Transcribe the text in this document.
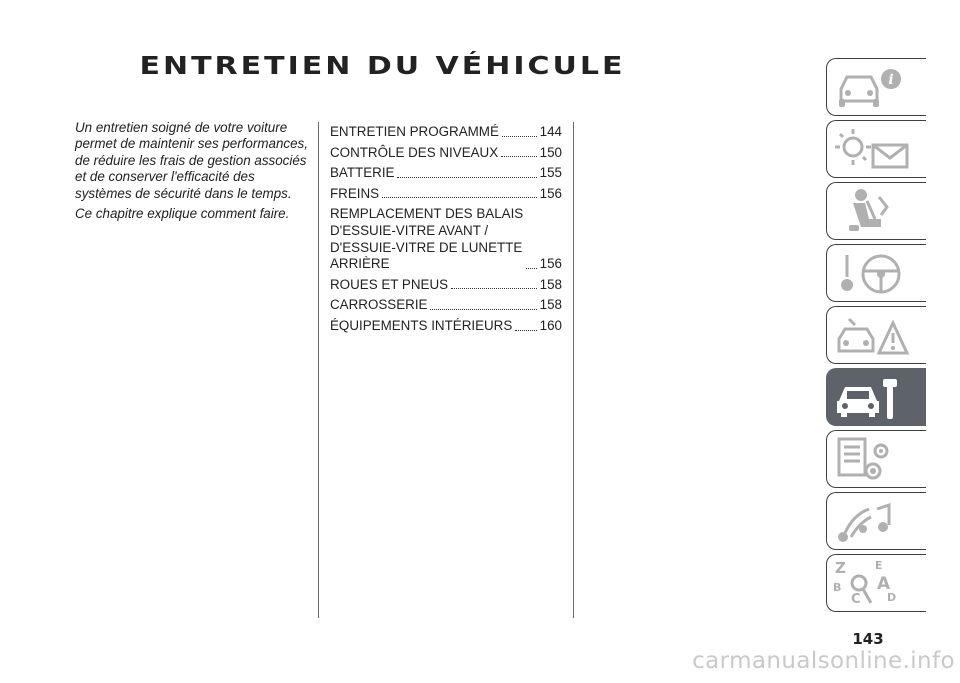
ENTRETIEN DU VÉHICULE

Un entretien soigné de votre voiture permet de maintenir ses performances, de réduire les frais de gestion associés et de conserver l'efficacité des systèmes de sécurité dans le temps.

Ce chapitre explique comment faire.

ENTRETIEN PROGRAMMÉ	144
CONTRÔLE DES NIVEAUX	150
BATTERIE	155
FREINS	156
REMPLACEMENT DES BALAIS
D'ESSUIE-VITRE AVANT /
D'ESSUIE-VITRE DE LUNETTE
ARRIÈRE	156
ROUES ET PNEUS	158
CARROSSERIE	158
ÉQUIPEMENTS INTÉRIEURS 160
i
Z	E
A
B
C D
143
carmanualsonline.info
